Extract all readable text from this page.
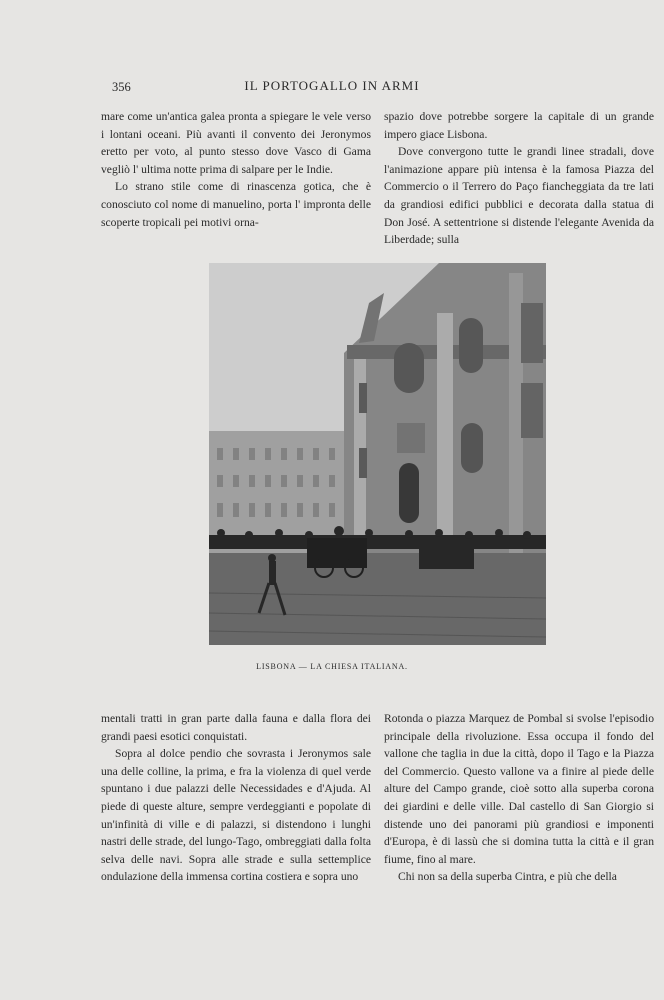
356	IL PORTOGALLO IN ARMI

mare come un'antica galea pronta a spiegare le vele verso i lontani oceani. Più avanti il convento dei Jeronymos eretto per voto, al punto stesso dove Vasco di Gama vegliò l' ultima notte prima di salpare per le Indie.

Lo strano stile come di rinascenza gotica, che è conosciuto col nome di manuelino, porta l' impronta delle scoperte tropicali pei motivi orna-

spazio dove potrebbe sorgere la capitale di un grande impero giace Lisbona.

Dove convergono tutte le grandi linee stradali, dove l'animazione appare più intensa è la famosa Piazza del Commercio o il Terrero do Paço fiancheggiata da tre lati da grandiosi edifici pubblici e decorata dalla statua di Don José. A settentrione si distende l'elegante Avenida da Liberdade; sulla

LISBONA — LA CHIESA ITALIANA.

mentali tratti in gran parte dalla fauna e dalla flora dei grandi paesi esotici conquistati.

Sopra al dolce pendio che sovrasta i Jeronymos sale una delle colline, la prima, e fra la violenza di quel verde spuntano i due palazzi delle Necessidades e d'Ajuda. Al piede di queste alture, sempre verdeggianti e popolate di un'infinità di ville e di palazzi, si distendono i lunghi nastri delle strade, del lungo-Tago, ombreggiati dalla folta selva delle navi. Sopra alle strade e sulla settemplice ondulazione della immensa cortina costiera e sopra uno

Rotonda o piazza Marquez de Pombal si svolse l'episodio principale della rivoluzione. Essa occupa il fondo del vallone che taglia in due la città, dopo il Tago e la Piazza del Commercio. Questo vallone va a finire al piede delle alture del Campo grande, cioè sotto alla superba corona dei giardini e delle ville. Dal castello di San Giorgio si distende uno dei panorami più grandiosi e imponenti d'Europa, è di lassù che si domina tutta la città e il gran fiume, fino al mare.

Chi non sa della superba Cintra, e più che della
